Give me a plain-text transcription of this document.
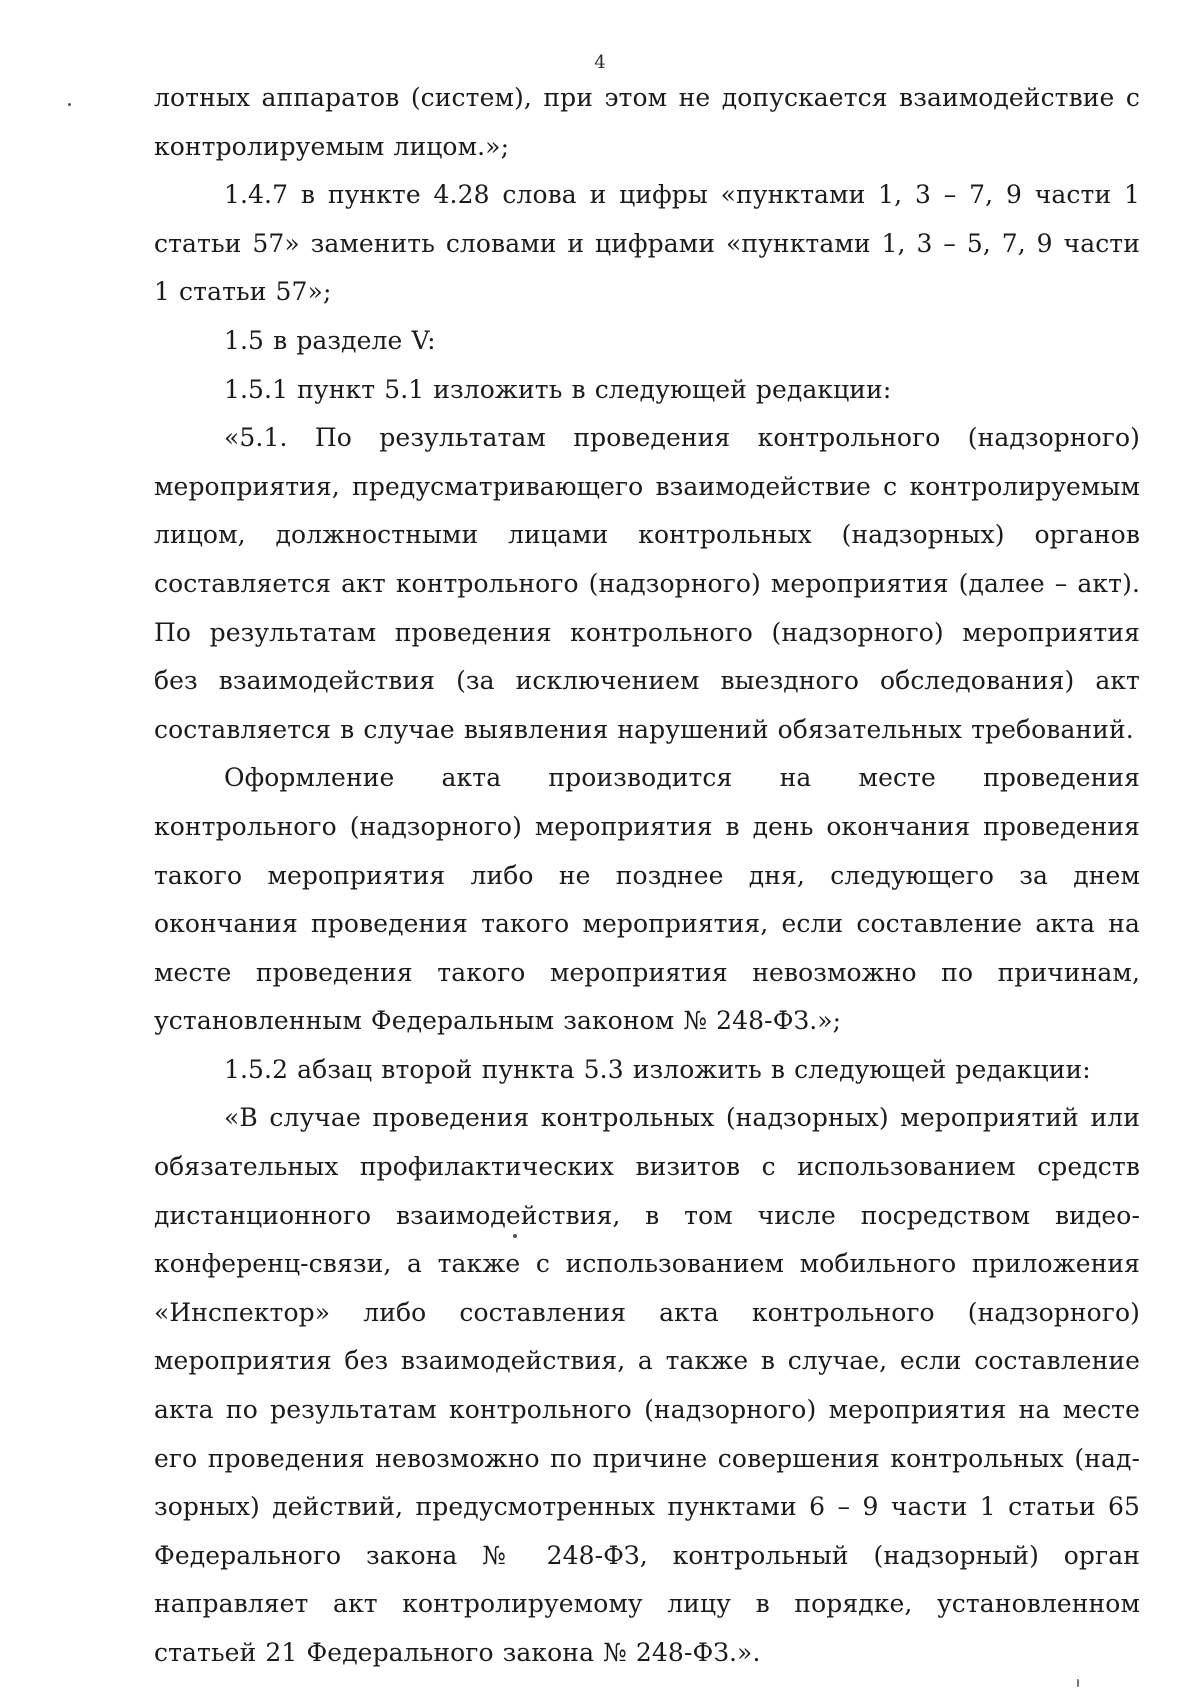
4

лотных аппаратов (систем), при этом не допускается взаимодействие с контролируемым лицом.»;

1.4.7 в пункте 4.28 слова и цифры «пунктами 1, 3 – 7, 9 части 1 статьи 57» заменить словами и цифрами «пунктами 1, 3 – 5, 7, 9 части 1 статьи 57»;

1.5 в разделе V:

1.5.1 пункт 5.1 изложить в следующей редакции:

«5.1. По результатам проведения контрольного (надзорного) мероприятия, предусматривающего взаимодействие с контролируемым лицом, должностными лицами контрольных (надзорных) органов составляется акт контрольного (надзорного) мероприятия (далее – акт). По результатам проведения контрольного (надзорного) мероприятия без взаимодействия (за исключением выездного обследования) акт составляется в случае выявления нарушений обязательных требований.

Оформление акта производится на месте проведения контрольного (надзорного) мероприятия в день окончания проведения такого мероприятия либо не позднее дня, следующего за днем окончания проведения такого мероприятия, если составление акта на месте проведения такого мероприятия невозможно по причинам, установленным Федеральным законом № 248-ФЗ.»;

1.5.2 абзац второй пункта 5.3 изложить в следующей редакции:

«В случае проведения контрольных (надзорных) мероприятий или обязательных профилактических визитов с использованием средств дистанционного взаимодействия, в том числе посредством видео-конференц-связи, а также с использованием мобильного приложения «Инспектор» либо составления акта контрольного (надзорного) мероприятия без взаимодействия, а также в случае, если составление акта по результатам контрольного (надзорного) мероприятия на месте его проведения невозможно по причине совершения контрольных (надзорных) действий, предусмотренных пунктами 6 – 9 части 1 статьи 65 Федерального закона № 248-ФЗ, контрольный (надзорный) орган направляет акт контролируемому лицу в порядке, установленном статьей 21 Федерального закона № 248-ФЗ.».
